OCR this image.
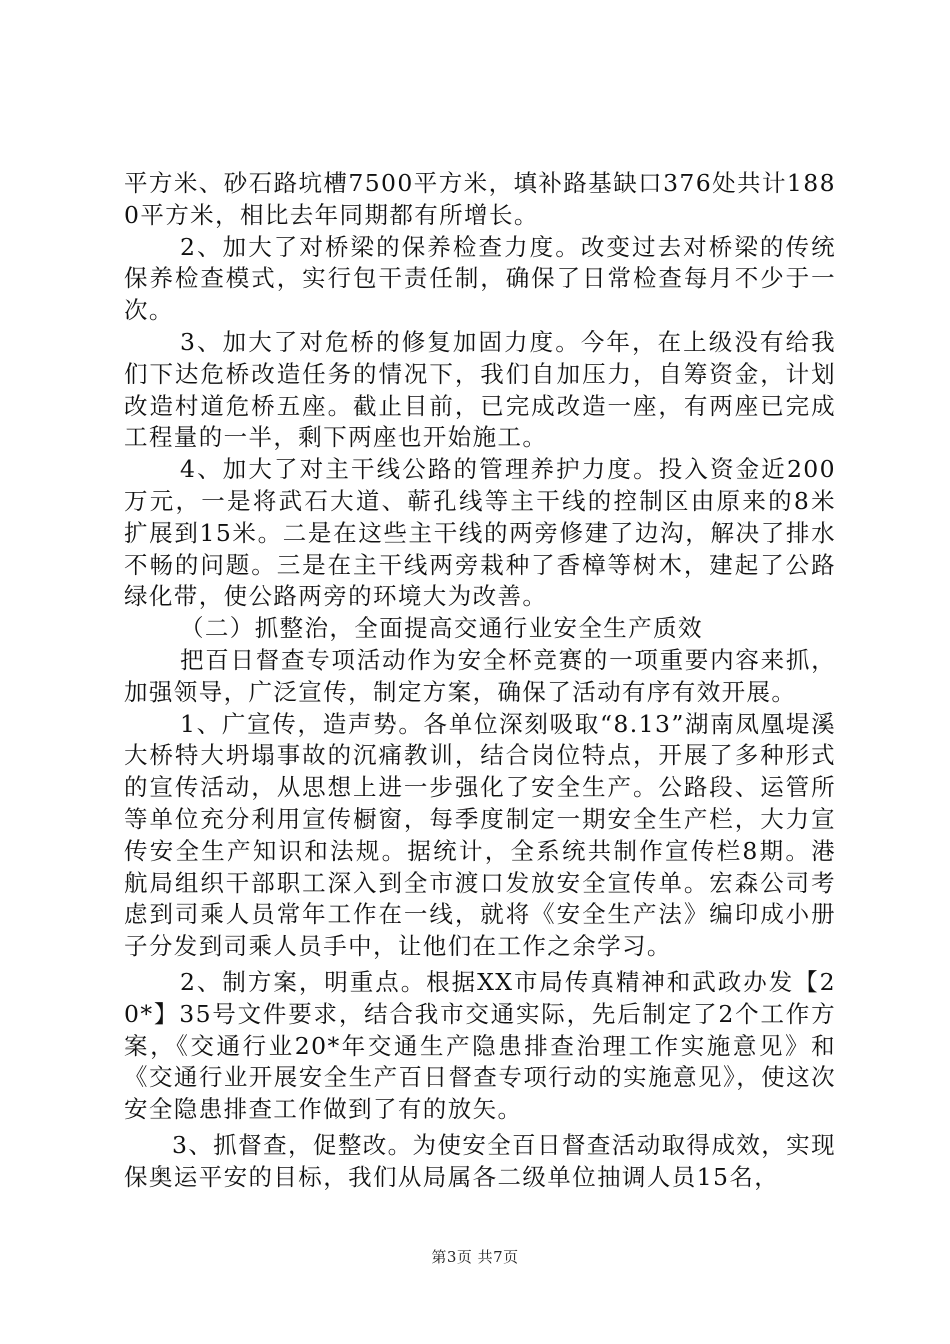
平方米、砂石路坑槽7500平方米，填补路基缺口376处共计1880平方米，相比去年同期都有所增长。

2、加大了对桥梁的保养检查力度。改变过去对桥梁的传统保养检查模式，实行包干责任制，确保了日常检查每月不少于一次。

3、加大了对危桥的修复加固力度。今年，在上级没有给我们下达危桥改造任务的情况下，我们自加压力，自筹资金，计划改造村道危桥五座。截止目前，已完成改造一座，有两座已完成工程量的一半，剩下两座也开始施工。

4、加大了对主干线公路的管理养护力度。投入资金近200万元，一是将武石大道、蕲孔线等主干线的控制区由原来的8米扩展到15米。二是在这些主干线的两旁修建了边沟，解决了排水不畅的问题。三是在主干线两旁栽种了香樟等树木，建起了公路绿化带，使公路两旁的环境大为改善。

（二）抓整治，全面提高交通行业安全生产质效

把百日督查专项活动作为安全杯竞赛的一项重要内容来抓，加强领导，广泛宣传，制定方案，确保了活动有序有效开展。

1、广宣传，造声势。各单位深刻吸取“8.13”湖南凤凰堤溪大桥特大坍塌事故的沉痛教训，结合岗位特点，开展了多种形式的宣传活动，从思想上进一步强化了安全生产。公路段、运管所等单位充分利用宣传橱窗，每季度制定一期安全生产栏，大力宣传安全生产知识和法规。据统计，全系统共制作宣传栏8期。港航局组织干部职工深入到全市渡口发放安全宣传单。宏森公司考虑到司乘人员常年工作在一线，就将《安全生产法》编印成小册子分发到司乘人员手中，让他们在工作之余学习。

2、制方案，明重点。根据XX市局传真精神和武政办发【20*】35号文件要求，结合我市交通实际，先后制定了2个工作方案，《交通行业20*年交通生产隐患排查治理工作实施意见》和《交通行业开展安全生产百日督查专项行动的实施意见》，使这次安全隐患排查工作做到了有的放矢。

3、抓督查，促整改。为使安全百日督查活动取得成效，实现保奥运平安的目标，我们从局属各二级单位抽调人员15名，

第3页 共7页
